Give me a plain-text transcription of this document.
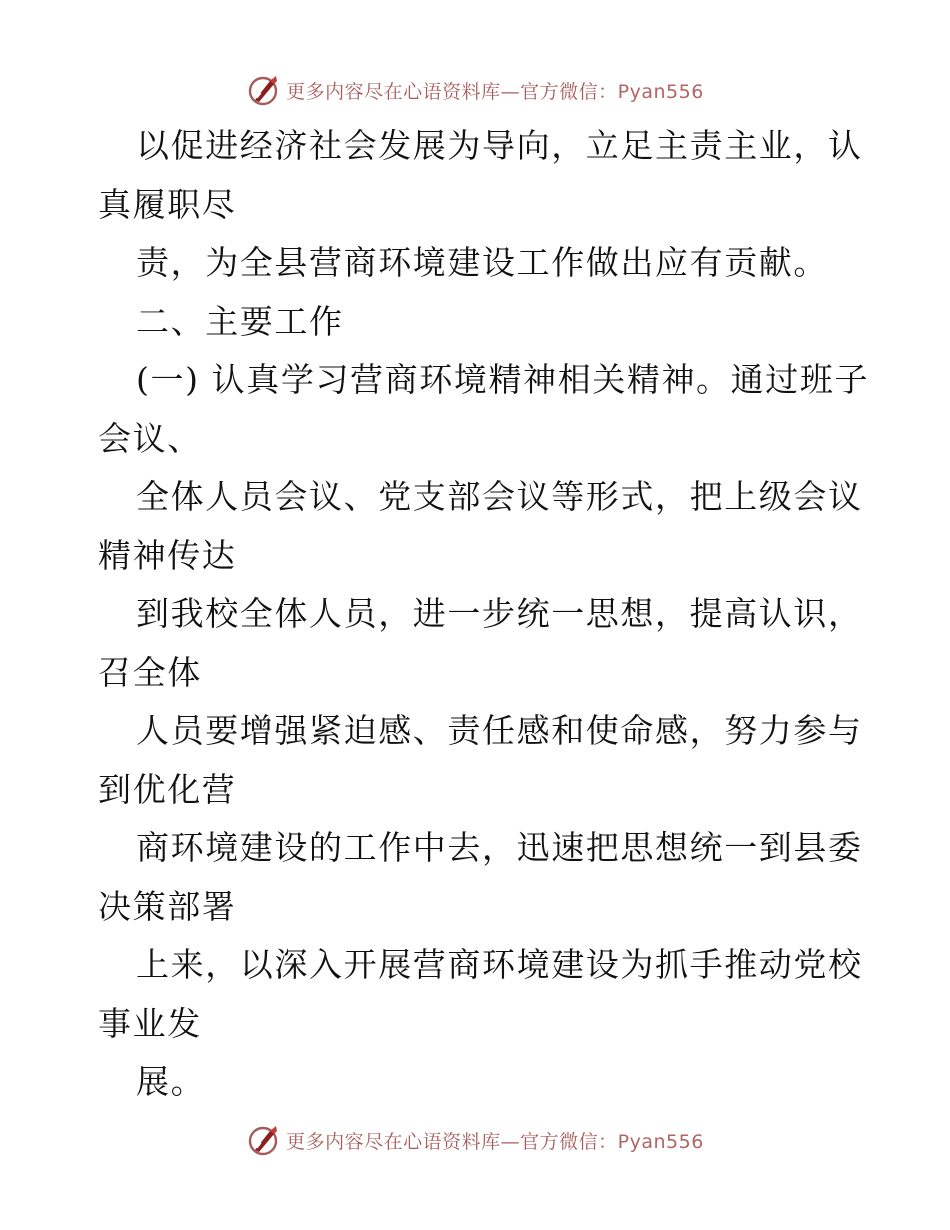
更多内容尽在心语资料库—官方微信：Pyan556
以促进经济社会发展为导向，立足主责主业，认
真履职尽
责，为全县营商环境建设工作做出应有贡献。
二、主要工作
(一) 认真学习营商环境精神相关精神。通过班子
会议、
全体人员会议、党支部会议等形式，把上级会议
精神传达
到我校全体人员，进一步统一思想，提高认识，
召全体
人员要增强紧迫感、责任感和使命感，努力参与
到优化营
商环境建设的工作中去，迅速把思想统一到县委
决策部署
上来，以深入开展营商环境建设为抓手推动党校
事业发
展。
更多内容尽在心语资料库—官方微信：Pyan556
